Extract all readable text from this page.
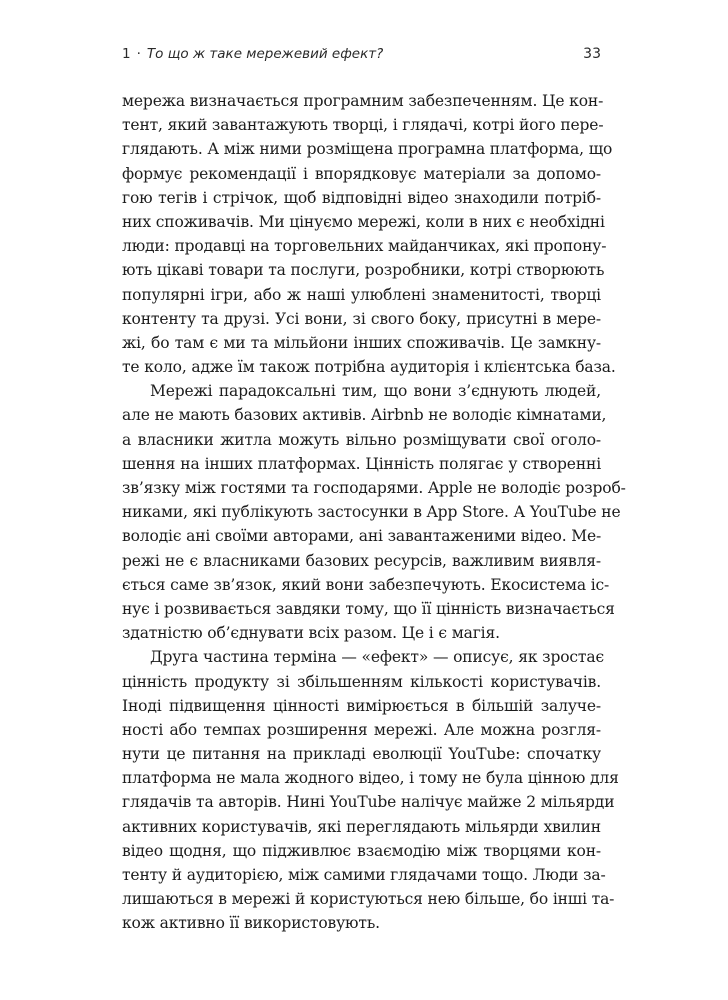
1 · То що ж таке мережевий ефект?	33
мережа визначається програмним забезпеченням. Це кон-
тент, який завантажують творці, і глядачі, котрі його пере-
глядають. А між ними розміщена програмна платформа, що
формує рекомендації і впорядковує матеріали за допомо-
гою тегів і стрічок, щоб відповідні відео знаходили потріб-
них споживачів. Ми цінуємо мережі, коли в них є необхідні
люди: продавці на торговельних майданчиках, які пропону-
ють цікаві товари та послуги, розробники, котрі створюють
популярні ігри, або ж наші улюблені знаменитості, творці
контенту та друзі. Усі вони, зі свого боку, присутні в мере-
жі, бо там є ми та мільйони інших споживачів. Це замкну-
те коло, адже їм також потрібна аудиторія і клієнтська база.
Мережі парадоксальні тим, що вони з’єднують людей,
але не мають базових активів. Airbnb не володіє кімнатами,
а власники житла можуть вільно розміщувати свої оголо-
шення на інших платформах. Цінність полягає у створенні
зв’язку між гостями та господарями. Apple не володіє розроб-
никами, які публікують застосунки в App Store. А YouTube не
володіє ані своїми авторами, ані завантаженими відео. Ме-
режі не є власниками базових ресурсів, важливим виявля-
ється саме зв’язок, який вони забезпечують. Екосистема іс-
нує і розвивається завдяки тому, що її цінність визначається
здатністю об’єднувати всіх разом. Це і є магія.
Друга частина терміна — «ефект» — описує, як зростає
цінність продукту зі збільшенням кількості користувачів.
Іноді підвищення цінності вимірюється в більшій залуче-
ності або темпах розширення мережі. Але можна розгля-
нути це питання на прикладі еволюції YouTube: спочатку
платформа не мала жодного відео, і тому не була цінною для
глядачів та авторів. Нині YouTube налічує майже 2 мільярди
активних користувачів, які переглядають мільярди хвилин
відео щодня, що підживлює взаємодію між творцями кон-
тенту й аудиторією, між самими глядачами тощо. Люди за-
лишаються в мережі й користуються нею більше, бо інші та-
кож активно її використовують.
